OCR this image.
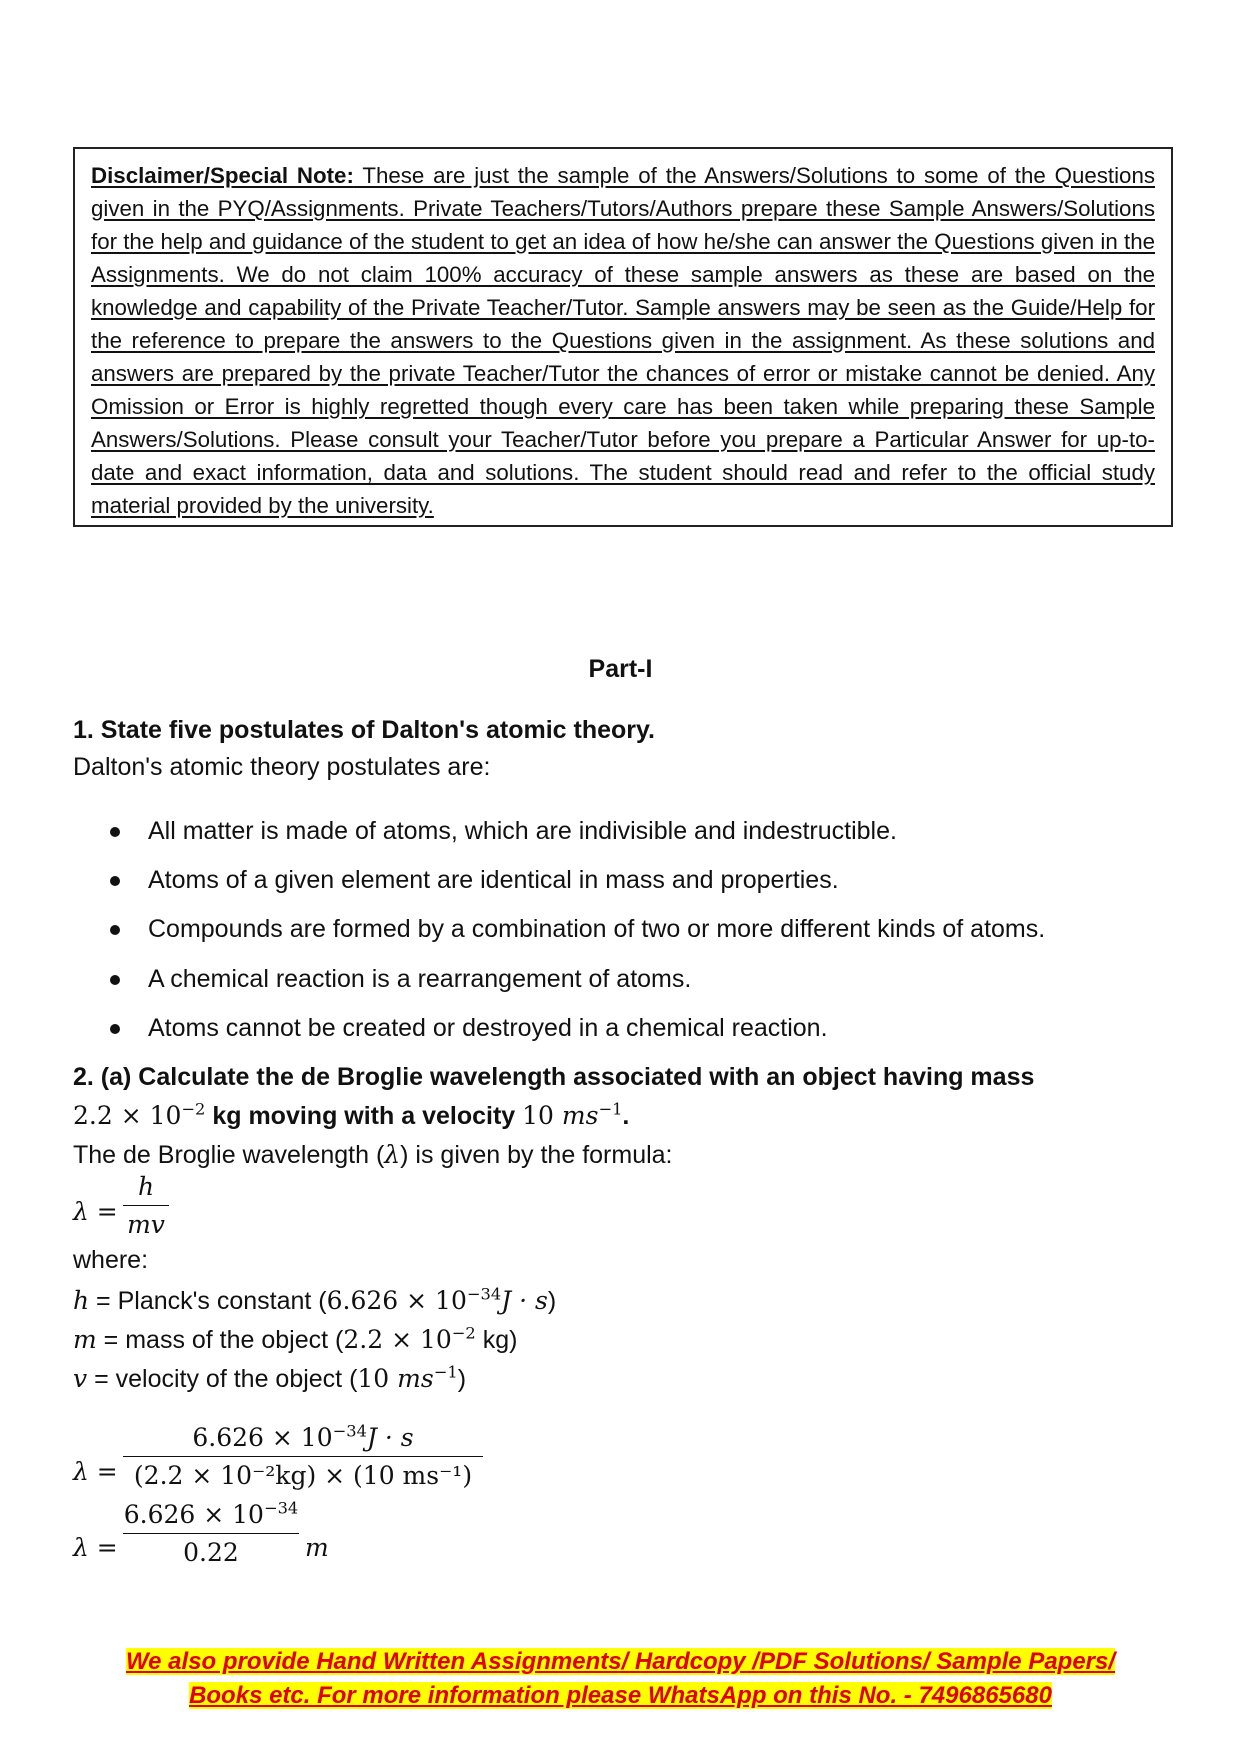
Disclaimer/Special Note: These are just the sample of the Answers/Solutions to some of the Questions given in the PYQ/Assignments. Private Teachers/Tutors/Authors prepare these Sample Answers/Solutions for the help and guidance of the student to get an idea of how he/she can answer the Questions given in the Assignments. We do not claim 100% accuracy of these sample answers as these are based on the knowledge and capability of the Private Teacher/Tutor. Sample answers may be seen as the Guide/Help for the reference to prepare the answers to the Questions given in the assignment. As these solutions and answers are prepared by the private Teacher/Tutor the chances of error or mistake cannot be denied. Any Omission or Error is highly regretted though every care has been taken while preparing these Sample Answers/Solutions. Please consult your Teacher/Tutor before you prepare a Particular Answer for up-to-date and exact information, data and solutions. The student should read and refer to the official study material provided by the university.

Part-I
1. State five postulates of Dalton's atomic theory.
Dalton's atomic theory postulates are:
All matter is made of atoms, which are indivisible and indestructible.
Atoms of a given element are identical in mass and properties.
Compounds are formed by a combination of two or more different kinds of atoms.
A chemical reaction is a rearrangement of atoms.
Atoms cannot be created or destroyed in a chemical reaction.
2. (a) Calculate the de Broglie wavelength associated with an object having mass
$2.2 \times 10^{-2}$ kg moving with a velocity 10 $ms^{-1}$.
The de Broglie wavelength (λ) is given by the formula:
λ =
h
mv
where:
h = Planck's constant $(6.626 \times 10^{-34}J \cdot s)$
m = mass of the object ($2.2 \times 10^{-2}$ kg)
v = velocity of the object (10 $ms^{-1}$)
λ =
$6.626 \times 10^{-34}J \cdot s$
(2.2 × 10⁻²kg) × (10 ms⁻¹)
λ =
$6.626 \times 10^{-34}$
0.22	m
We also provide Hand Written Assignments/ Hardcopy /PDF Solutions/ Sample Papers/
Books etc. For more information please WhatsApp on this No. - 7496865680
